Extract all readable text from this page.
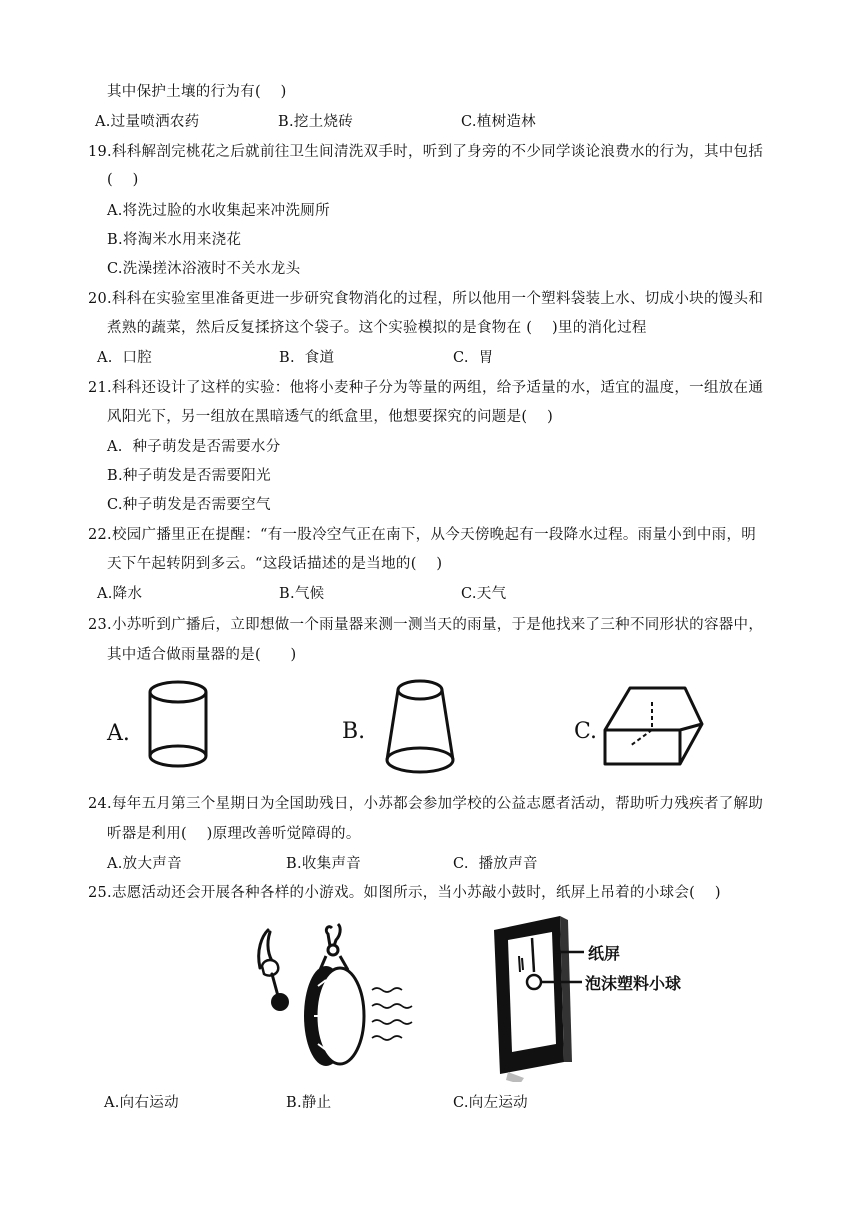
其中保护土壤的行为有(　 )
A.过量喷洒农药	B.挖土烧砖	C.植树造林
19.科科解剖完桃花之后就前往卫生间清洗双手时，听到了身旁的不少同学谈论浪费水的行为，其中包括
(　 )
A.将洗过脸的水收集起来冲洗厕所
B.将淘米水用来浇花
C.洗澡搓沐浴液时不关水龙头
20.科科在实验室里准备更进一步研究食物消化的过程，所以他用一个塑料袋装上水、切成小块的馒头和
煮熟的蔬菜，然后反复揉挤这个袋子。这个实验模拟的是食物在 (　 )里的消化过程
A.  口腔	B.  食道	C.  胃
21.科科还设计了这样的实验：他将小麦种子分为等量的两组，给予适量的水，适宜的温度，一组放在通
风阳光下，另一组放在黑暗透气的纸盒里，他想要探究的问题是(　 )
A.  种子萌发是否需要水分
B.种子萌发是否需要阳光
C.种子萌发是否需要空气
22.校园广播里正在提醒：“有一股冷空气正在南下，从今天傍晚起有一段降水过程。雨量小到中雨，明
天下午起转阴到多云。“这段话描述的是当地的(　 )
A.降水	B.气候	C.天气
23.小苏听到广播后，立即想做一个雨量器来测一测当天的雨量，于是他找来了三种不同形状的容器中，
其中适合做雨量器的是(　　)
A.	B.	C.
24.每年五月第三个星期日为全国助残日，小苏都会参加学校的公益志愿者活动，帮助听力残疾者了解助
听器是利用(　 )原理改善听觉障碍的。
A.放大声音	B.收集声音	C.  播放声音
25.志愿活动还会开展各种各样的小游戏。如图所示，当小苏敲小鼓时，纸屏上吊着的小球会(　 )
纸屏
泡沫塑料小球
A.向右运动	B.静止	C.向左运动
